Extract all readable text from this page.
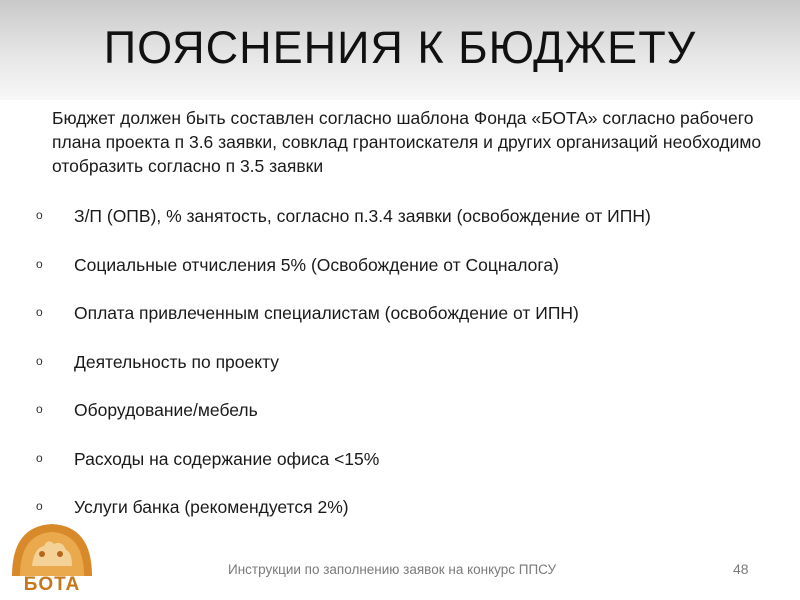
ПОЯСНЕНИЯ К БЮДЖЕТУ
Бюджет должен быть составлен согласно шаблона Фонда «БОТА» согласно рабочего плана проекта п 3.6 заявки, совклад грантоискателя и других организаций необходимо отобразить согласно п 3.5 заявки
o	З/П (ОПВ), % занятость, согласно п.3.4 заявки (освобождение от ИПН)
o	Социальные отчисления 5% (Освобождение от Соцналога)
o	Оплата привлеченным специалистам (освобождение от ИПН)
o	Деятельность по проекту
o	Оборудование/мебель
o	Расходы на содержание офиса <15%
o	Услуги банка (рекомендуется 2%)
БОТА
Инструкции по заполнению заявок на конкурс ППСУ	48
